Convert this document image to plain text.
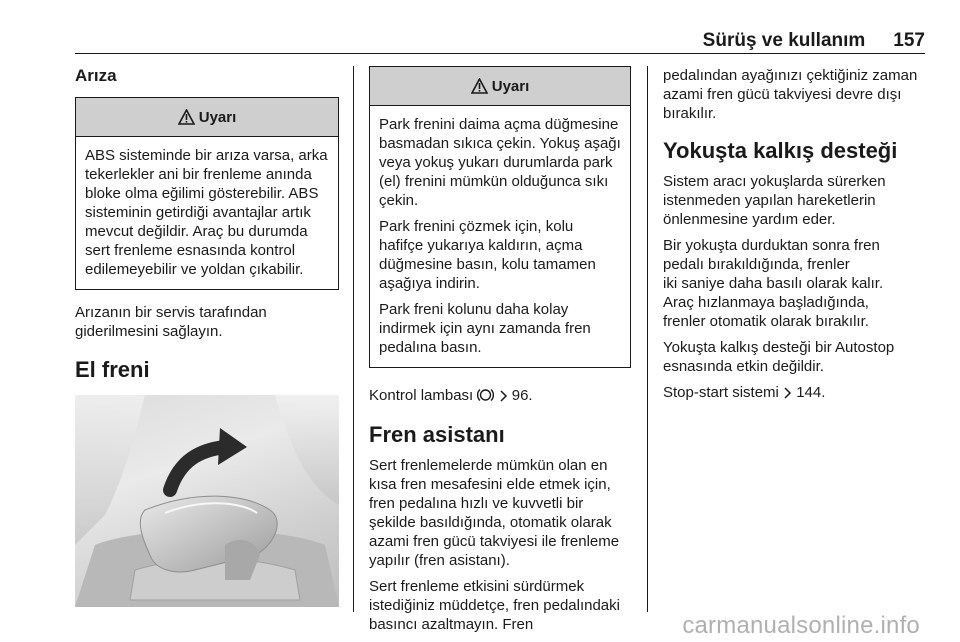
Sürüş ve kullanım 157
Arıza
Uyarı

ABS sisteminde bir arıza varsa, arka tekerlekler ani bir frenleme anında bloke olma eğilimi gösterebilir. ABS sisteminin getirdiği avantajlar artık mevcut değildir. Araç bu durumda sert frenleme esnasında kontrol edilemeyebilir ve yoldan çıkabilir.

Arızanın bir servis tarafından giderilmesini sağlayın.

El freni
Uyarı

Park frenini daima açma düğmesine basmadan sıkıca çekin. Yokuş aşağı veya yokuş yukarı durumlarda park (el) frenini mümkün olduğunca sıkı çekin.

Park frenini çözmek için, kolu hafifçe yukarıya kaldırın, açma düğmesine basın, kolu tamamen aşağıya indirin.

Park freni kolunu daha kolay indirmek için aynı zamanda fren pedalına basın.

Kontrol lambası	96.

Fren asistanı

Sert frenlemelerde mümkün olan en kısa fren mesafesini elde etmek için, fren pedalına hızlı ve kuvvetli bir şekilde basıldığında, otomatik olarak azami fren gücü takviyesi ile frenleme yapılır (fren asistanı).

Sert frenleme etkisini sürdürmek istediğiniz müddetçe, fren pedalındaki basıncı azaltmayın. Fren

pedalından ayağınızı çektiğiniz zaman azami fren gücü takviyesi devre dışı bırakılır.

Yokuşta kalkış desteği

Sistem aracı yokuşlarda sürerken istenmeden yapılan hareketlerin önlenmesine yardım eder.

Bir yokuşta durduktan sonra fren
pedalı bırakıldığında, frenler
iki saniye daha basılı olarak kalır.
Araç hızlanmaya başladığında,
frenler otomatik olarak bırakılır.

Yokuşta kalkış desteği bir Autostop esnasında etkin değildir.

Stop-start sistemi 144.

carmanualsonline.info
